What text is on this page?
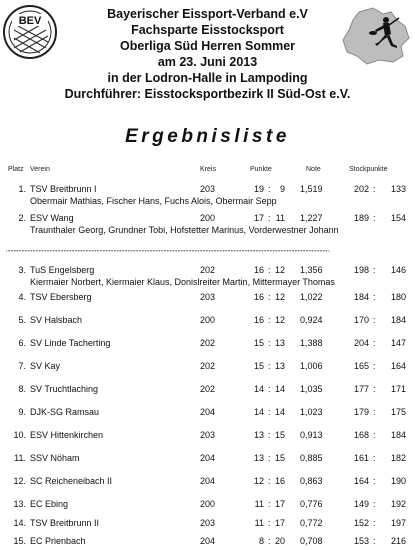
BEV	Bayerischer Eissport-Verband e.V
Fachsparte Eisstocksport
Oberliga Süd Herren Sommer
am 23. Juni 2013
in der Lodron-Halle in Lampoding
Durchführer: Eisstocksportbezirk II Süd-Ost e.V.
Ergebnisliste
Platz Verein	Kreis	Punkte	Note	Stockpunkte
^^^^^^^^^^^^^^^^^^^^^^^^^^^^^^^^^^^^^^^^^^^^^^^^^^^^^^^^^^^^^^^^^^^^^^^^^^^^^^^^^^^^^^^^^^^^^^^^^^^^^^^^^^^^^^^^^^^^
1. TSV Breitbrunn I	203	19 :	9 1,519	202 :	133
Obermair Mathias, Fischer Hans, Fuchs Alois, Obermair Sepp
2. ESV Wang	200	17 : 11 1,227	189 :	154
Traunthaler Georg, Grundner Tobi, Hofstetter Marinus, Vorderwestner Johann
3. TuS Engelsberg	202	16 : 12 1,356	198 :	146
Kiermaier Norbert, Kiermaier Klaus, Donislreiter Martin, Mittermayer Thomas
4. TSV Ebersberg	203	16 : 12 1,022	184 :	180
5. SV Halsbach	200	16 : 12 0,924	170 :	184
6. SV Linde Tacherting	202	15 : 13 1,388	204 :	147
7. SV Kay	202	15 : 13 1,006	165 :	164
8. SV Truchtlaching	202	14 : 14 1,035	177 :	171
9. DJK-SG Ramsau	204	14 : 14 1,023	179 :	175
10. ESV Hittenkirchen	203	13 : 15 0,913	168 :	184
11. SSV Nöham	204	13 : 15 0,885	161 :	182
12. SC Reicheneibach II	204	12 : 16 0,863	164 :	190
13. EC Ebing	200	11 : 17 0,776	149 :	192
14. TSV Breitbrunn II	203	11 : 17 0,772	152 :	197
15. EC Prienbach	204	8 : 20 0,708	153 :	216
